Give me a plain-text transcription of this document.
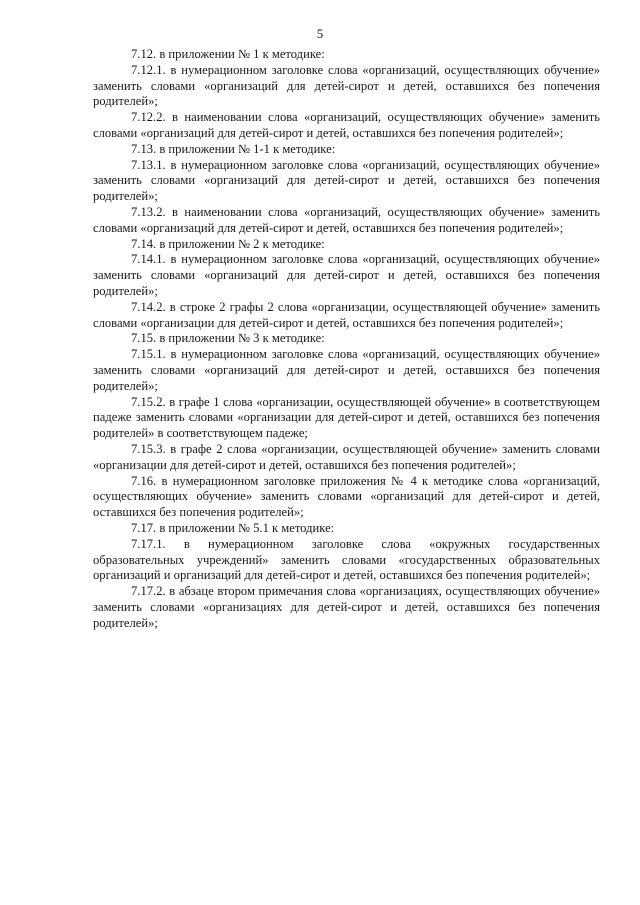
5

7.12. в приложении № 1 к методике:

7.12.1. в нумерационном заголовке слова «организаций, осуществляющих обучение» заменить словами «организаций для детей-сирот и детей, оставшихся без попечения родителей»;

7.12.2. в наименовании слова «организаций, осуществляющих обучение» заменить словами «организаций для детей-сирот и детей, оставшихся без попечения родителей»;

7.13. в приложении № 1-1 к методике:

7.13.1. в нумерационном заголовке слова «организаций, осуществляющих обучение» заменить словами «организаций для детей-сирот и детей, оставшихся без попечения родителей»;

7.13.2. в наименовании слова «организаций, осуществляющих обучение» заменить словами «организаций для детей-сирот и детей, оставшихся без попечения родителей»;

7.14. в приложении № 2 к методике:

7.14.1. в нумерационном заголовке слова «организаций, осуществляющих обучение» заменить словами «организаций для детей-сирот и детей, оставшихся без попечения родителей»;

7.14.2. в строке 2 графы 2 слова «организации, осуществляющей обучение» заменить словами «организации для детей-сирот и детей, оставшихся без попечения родителей»;

7.15. в приложении № 3 к методике:

7.15.1. в нумерационном заголовке слова «организаций, осуществляющих обучение» заменить словами «организаций для детей-сирот и детей, оставшихся без попечения родителей»;

7.15.2. в графе 1 слова «организации, осуществляющей обучение» в соответствующем падеже заменить словами «организации для детей-сирот и детей, оставшихся без попечения родителей» в соответствующем падеже;

7.15.3. в графе 2 слова «организации, осуществляющей обучение» заменить словами «организации для детей-сирот и детей, оставшихся без попечения родителей»;

7.16. в нумерационном заголовке приложения № 4 к методике слова «организаций, осуществляющих обучение» заменить словами «организаций для детей-сирот и детей, оставшихся без попечения родителей»;

7.17. в приложении № 5.1 к методике:

7.17.1. в нумерационном заголовке слова «окружных государственных образовательных учреждений» заменить словами «государственных образовательных организаций и организаций для детей-сирот и детей, оставшихся без попечения родителей»;

7.17.2. в абзаце втором примечания слова «организациях, осуществляющих обучение» заменить словами «организациях для детей-сирот и детей, оставшихся без попечения родителей»;
